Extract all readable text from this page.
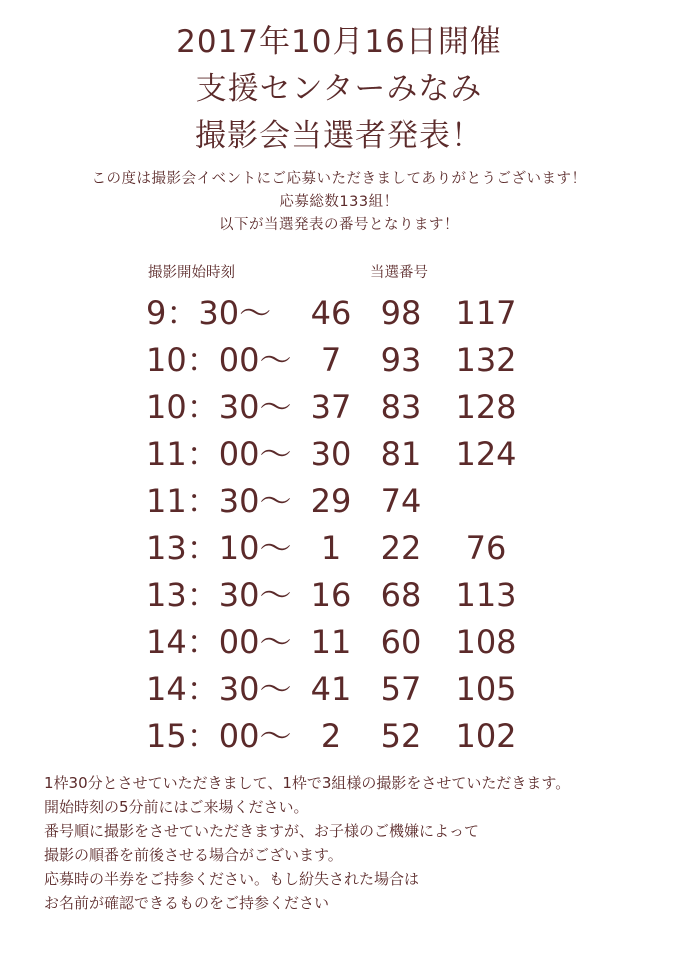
2017年10月16日開催
支援センターみなみ
撮影会当選者発表！
この度は撮影会イベントにご応募いただきましてありがとうございます！
応募総数133組！
以下が当選発表の番号となります！
撮影開始時刻	当選番号
9：30〜	46 98	117
10：00〜 7	93	132
10：30〜 37 83	128
11：00〜 30 81	124
11：30〜 29 74
13：10〜 1	22	76
13：30〜 16 68	113
14：00〜 11 60	108
14：30〜 41 57	105
15：00〜 2	52	102
1枠30分とさせていただきまして、1枠で3組様の撮影をさせていただきます。
開始時刻の5分前にはご来場ください。
番号順に撮影をさせていただきますが、お子様のご機嫌によって
撮影の順番を前後させる場合がございます。
応募時の半券をご持参ください。もし紛失された場合は
お名前が確認できるものをご持参ください
